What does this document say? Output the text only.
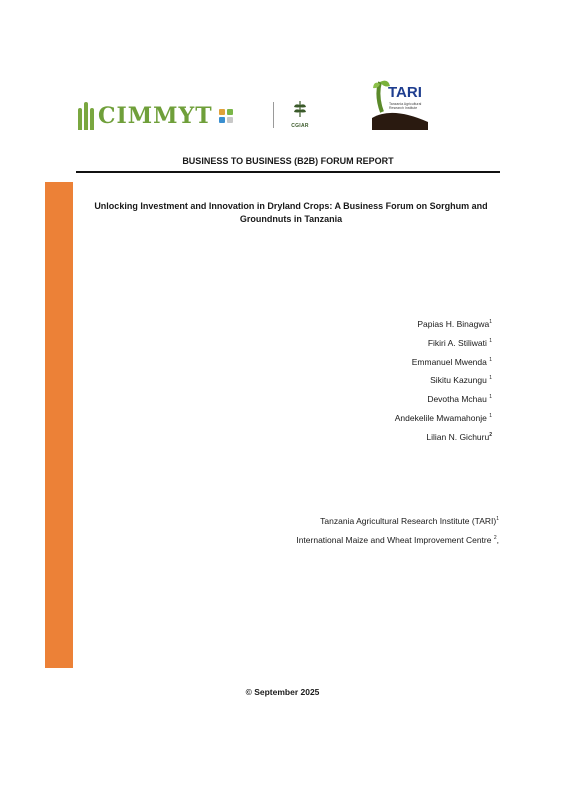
CIMMYT	CGIAR
TARI
Tanzania Agricultural Research Institute
BUSINESS TO BUSINESS (B2B) FORUM REPORT
Unlocking Investment and Innovation in Dryland Crops: A Business Forum on Sorghum and Groundnuts in Tanzania
Papias H. Binagwa$^1$
Fikiri A. Stiliwati $^1$
Emmanuel Mwenda $^1$
Sikitu Kazungu $^1$
Devotha Mchau $^1$
Andekelile Mwamahonje $^1$
Lilian N. Gichuru$^2$
Tanzania Agricultural Research Institute (TARI)$^1$
International Maize and Wheat Improvement Centre $^2$,
© September 2025
